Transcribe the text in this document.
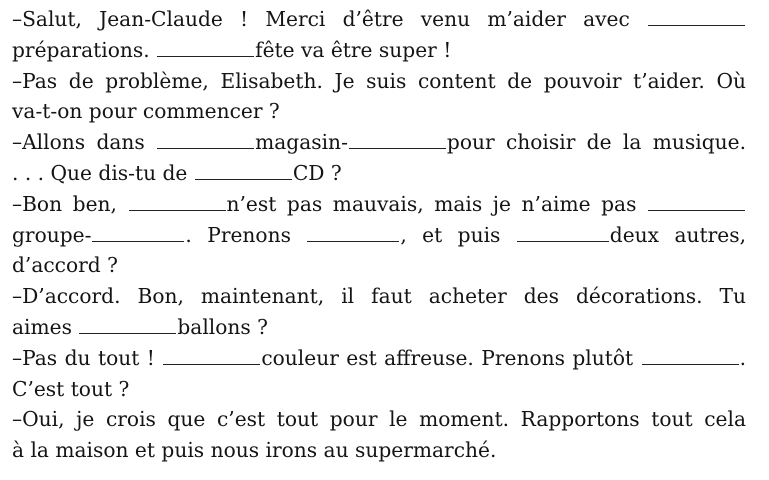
–Salut, Jean-Claude ! Merci d’être venu m’aider avec
préparations.	fête va être super !
–Pas de problème, Elisabeth. Je suis content de pouvoir t’aider. Où
va-t-on pour commencer ?
–Allons dans	magasin-	pour choisir de la musique.
. . . Que dis-tu de	CD ?
–Bon ben,	n’est pas mauvais, mais je n’aime pas
groupe-	. Prenons	, et puis	deux autres,
d’accord ?
–D’accord. Bon, maintenant, il faut acheter des décorations. Tu
aimes	ballons ?
–Pas du tout !	couleur est affreuse. Prenons plutôt	.
C’est tout ?
–Oui, je crois que c’est tout pour le moment. Rapportons tout cela
à la maison et puis nous irons au supermarché.
